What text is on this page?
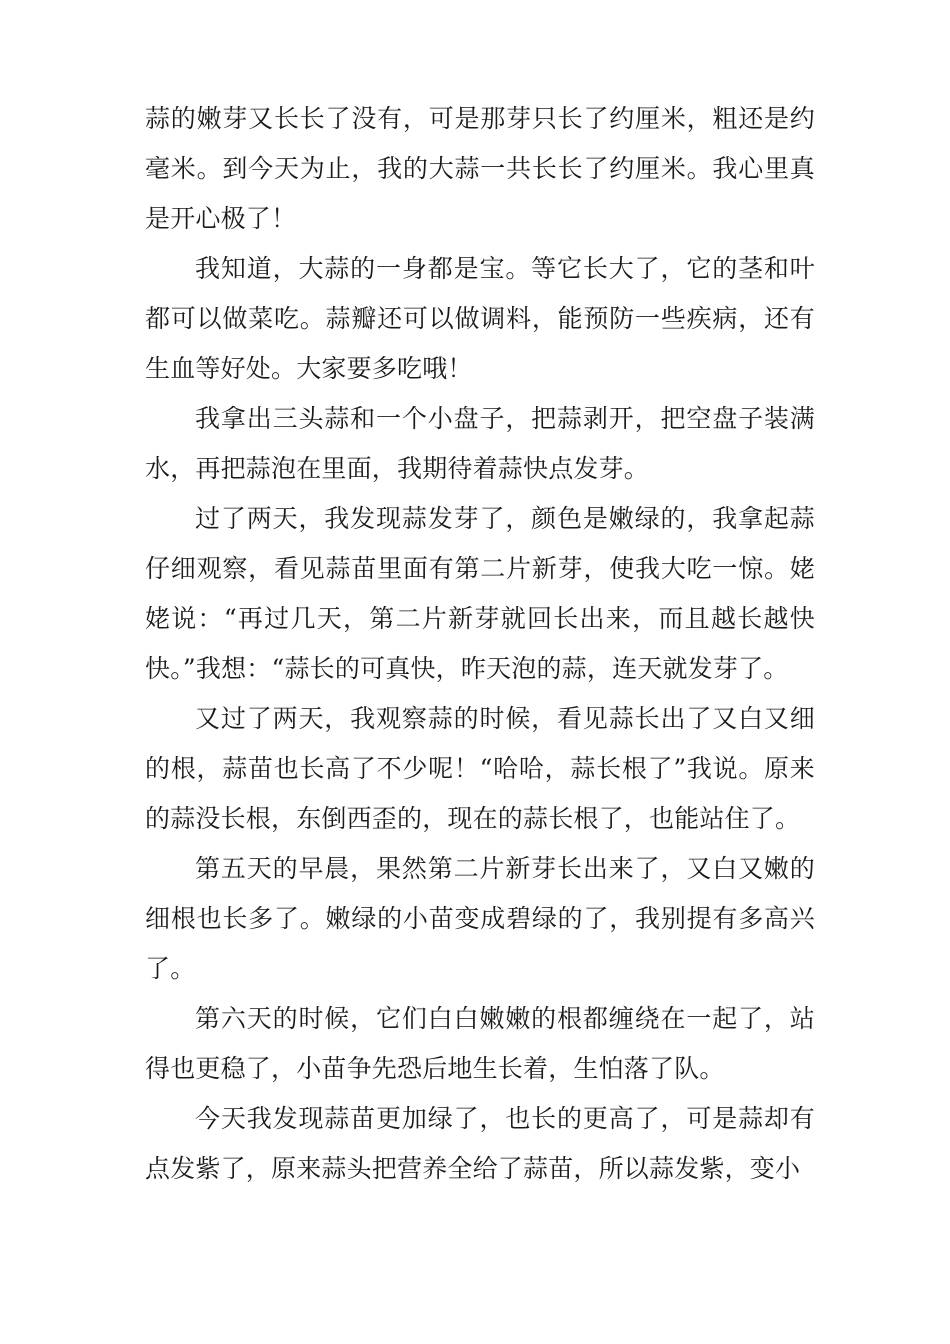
蒜的嫩芽又长长了没有，可是那芽只长了约厘米，粗还是约毫米。到今天为止，我的大蒜一共长长了约厘米。我心里真是开心极了！

我知道，大蒜的一身都是宝。等它长大了，它的茎和叶都可以做菜吃。蒜瓣还可以做调料，能预防一些疾病，还有生血等好处。大家要多吃哦！

我拿出三头蒜和一个小盘子，把蒜剥开，把空盘子装满水，再把蒜泡在里面，我期待着蒜快点发芽。

过了两天，我发现蒜发芽了，颜色是嫩绿的，我拿起蒜仔细观察，看见蒜苗里面有第二片新芽，使我大吃一惊。姥姥说：“再过几天，第二片新芽就回长出来，而且越长越快快。”我想：“蒜长的可真快，昨天泡的蒜，连天就发芽了。

又过了两天，我观察蒜的时候，看见蒜长出了又白又细的根，蒜苗也长高了不少呢！“哈哈，蒜长根了”我说。原来的蒜没长根，东倒西歪的，现在的蒜长根了，也能站住了。

第五天的早晨，果然第二片新芽长出来了，又白又嫩的细根也长多了。嫩绿的小苗变成碧绿的了，我别提有多高兴了。

第六天的时候，它们白白嫩嫩的根都缠绕在一起了，站得也更稳了，小苗争先恐后地生长着，生怕落了队。

今天我发现蒜苗更加绿了，也长的更高了，可是蒜却有点发紫了，原来蒜头把营养全给了蒜苗，所以蒜发紫，变小
